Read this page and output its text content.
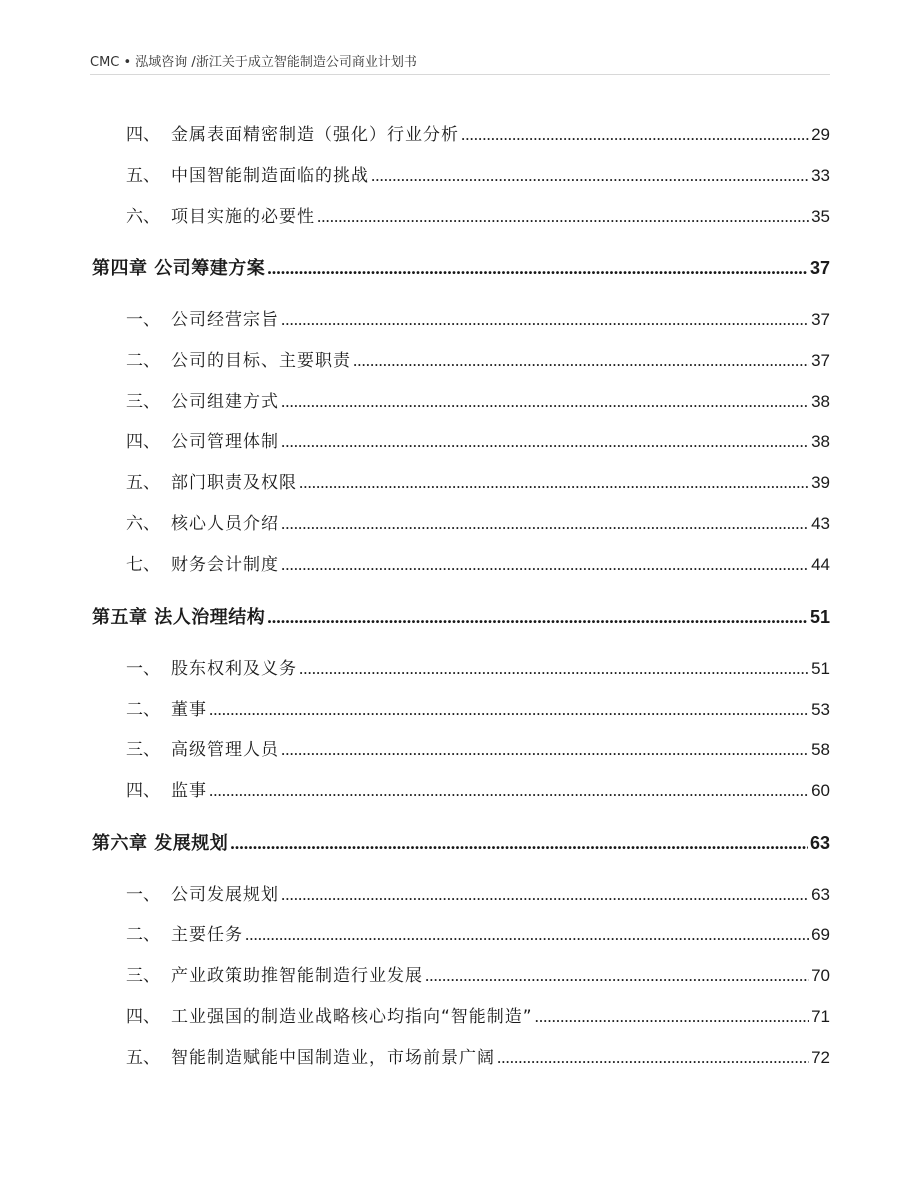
CMC • 泓域咨询 /浙江关于成立智能制造公司商业计划书
四、 金属表面精密制造（强化）行业分析 .....	29
五、 中国智能制造面临的挑战 .....	33
六、 项目实施的必要性 .....	35
第四章 公司筹建方案 .....	37
一、 公司经营宗旨 .....	37
二、 公司的目标、主要职责 .....	37
三、 公司组建方式 .....	38
四、 公司管理体制 .....	38
五、 部门职责及权限 .....	39
六、 核心人员介绍 .....	43
七、 财务会计制度 .....	44
第五章 法人治理结构 .....	51
一、 股东权利及义务 .....	51
二、 董事 .....	53
三、 高级管理人员 .....	58
四、 监事 .....	60
第六章 发展规划 .....	63
一、 公司发展规划 .....	63
二、 主要任务 .....	69
三、 产业政策助推智能制造行业发展 .....	70
四、 工业强国的制造业战略核心均指向“智能制造” .....	71
五、 智能制造赋能中国制造业，市场前景广阔 .....	72
